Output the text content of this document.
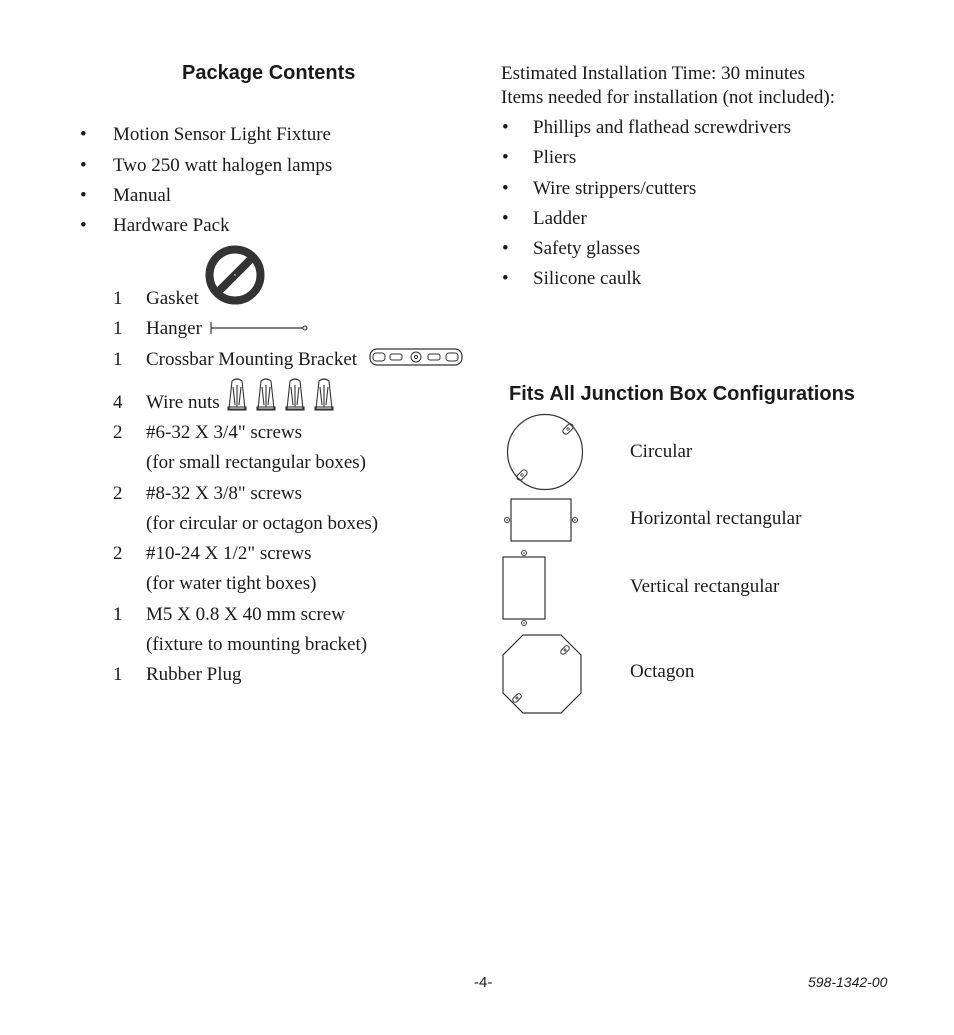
Package Contents
• Motion Sensor Light Fixture
• Two 250 watt halogen lamps
• Manual
• Hardware Pack
1 Gasket
1 Hanger
1 Crossbar Mounting Bracket
4 Wire nuts
2 #6-32 X 3/4" screws
(for small rectangular boxes)
2 #8-32 X 3/8" screws
(for circular or octagon boxes)
2 #10-24 X 1/2" screws
(for water tight boxes)
1 M5 X 0.8 X 40 mm screw
(fixture to mounting bracket)
1 Rubber Plug
Estimated Installation Time: 30 minutes
Items needed for installation (not included):
• Phillips and flathead screwdrivers
• Pliers
• Wire strippers/cutters
• Ladder
• Safety glasses
• Silicone caulk
Fits All Junction Box Configurations
Circular
Horizontal rectangular
Vertical rectangular
Octagon
-4-	598-1342-00
